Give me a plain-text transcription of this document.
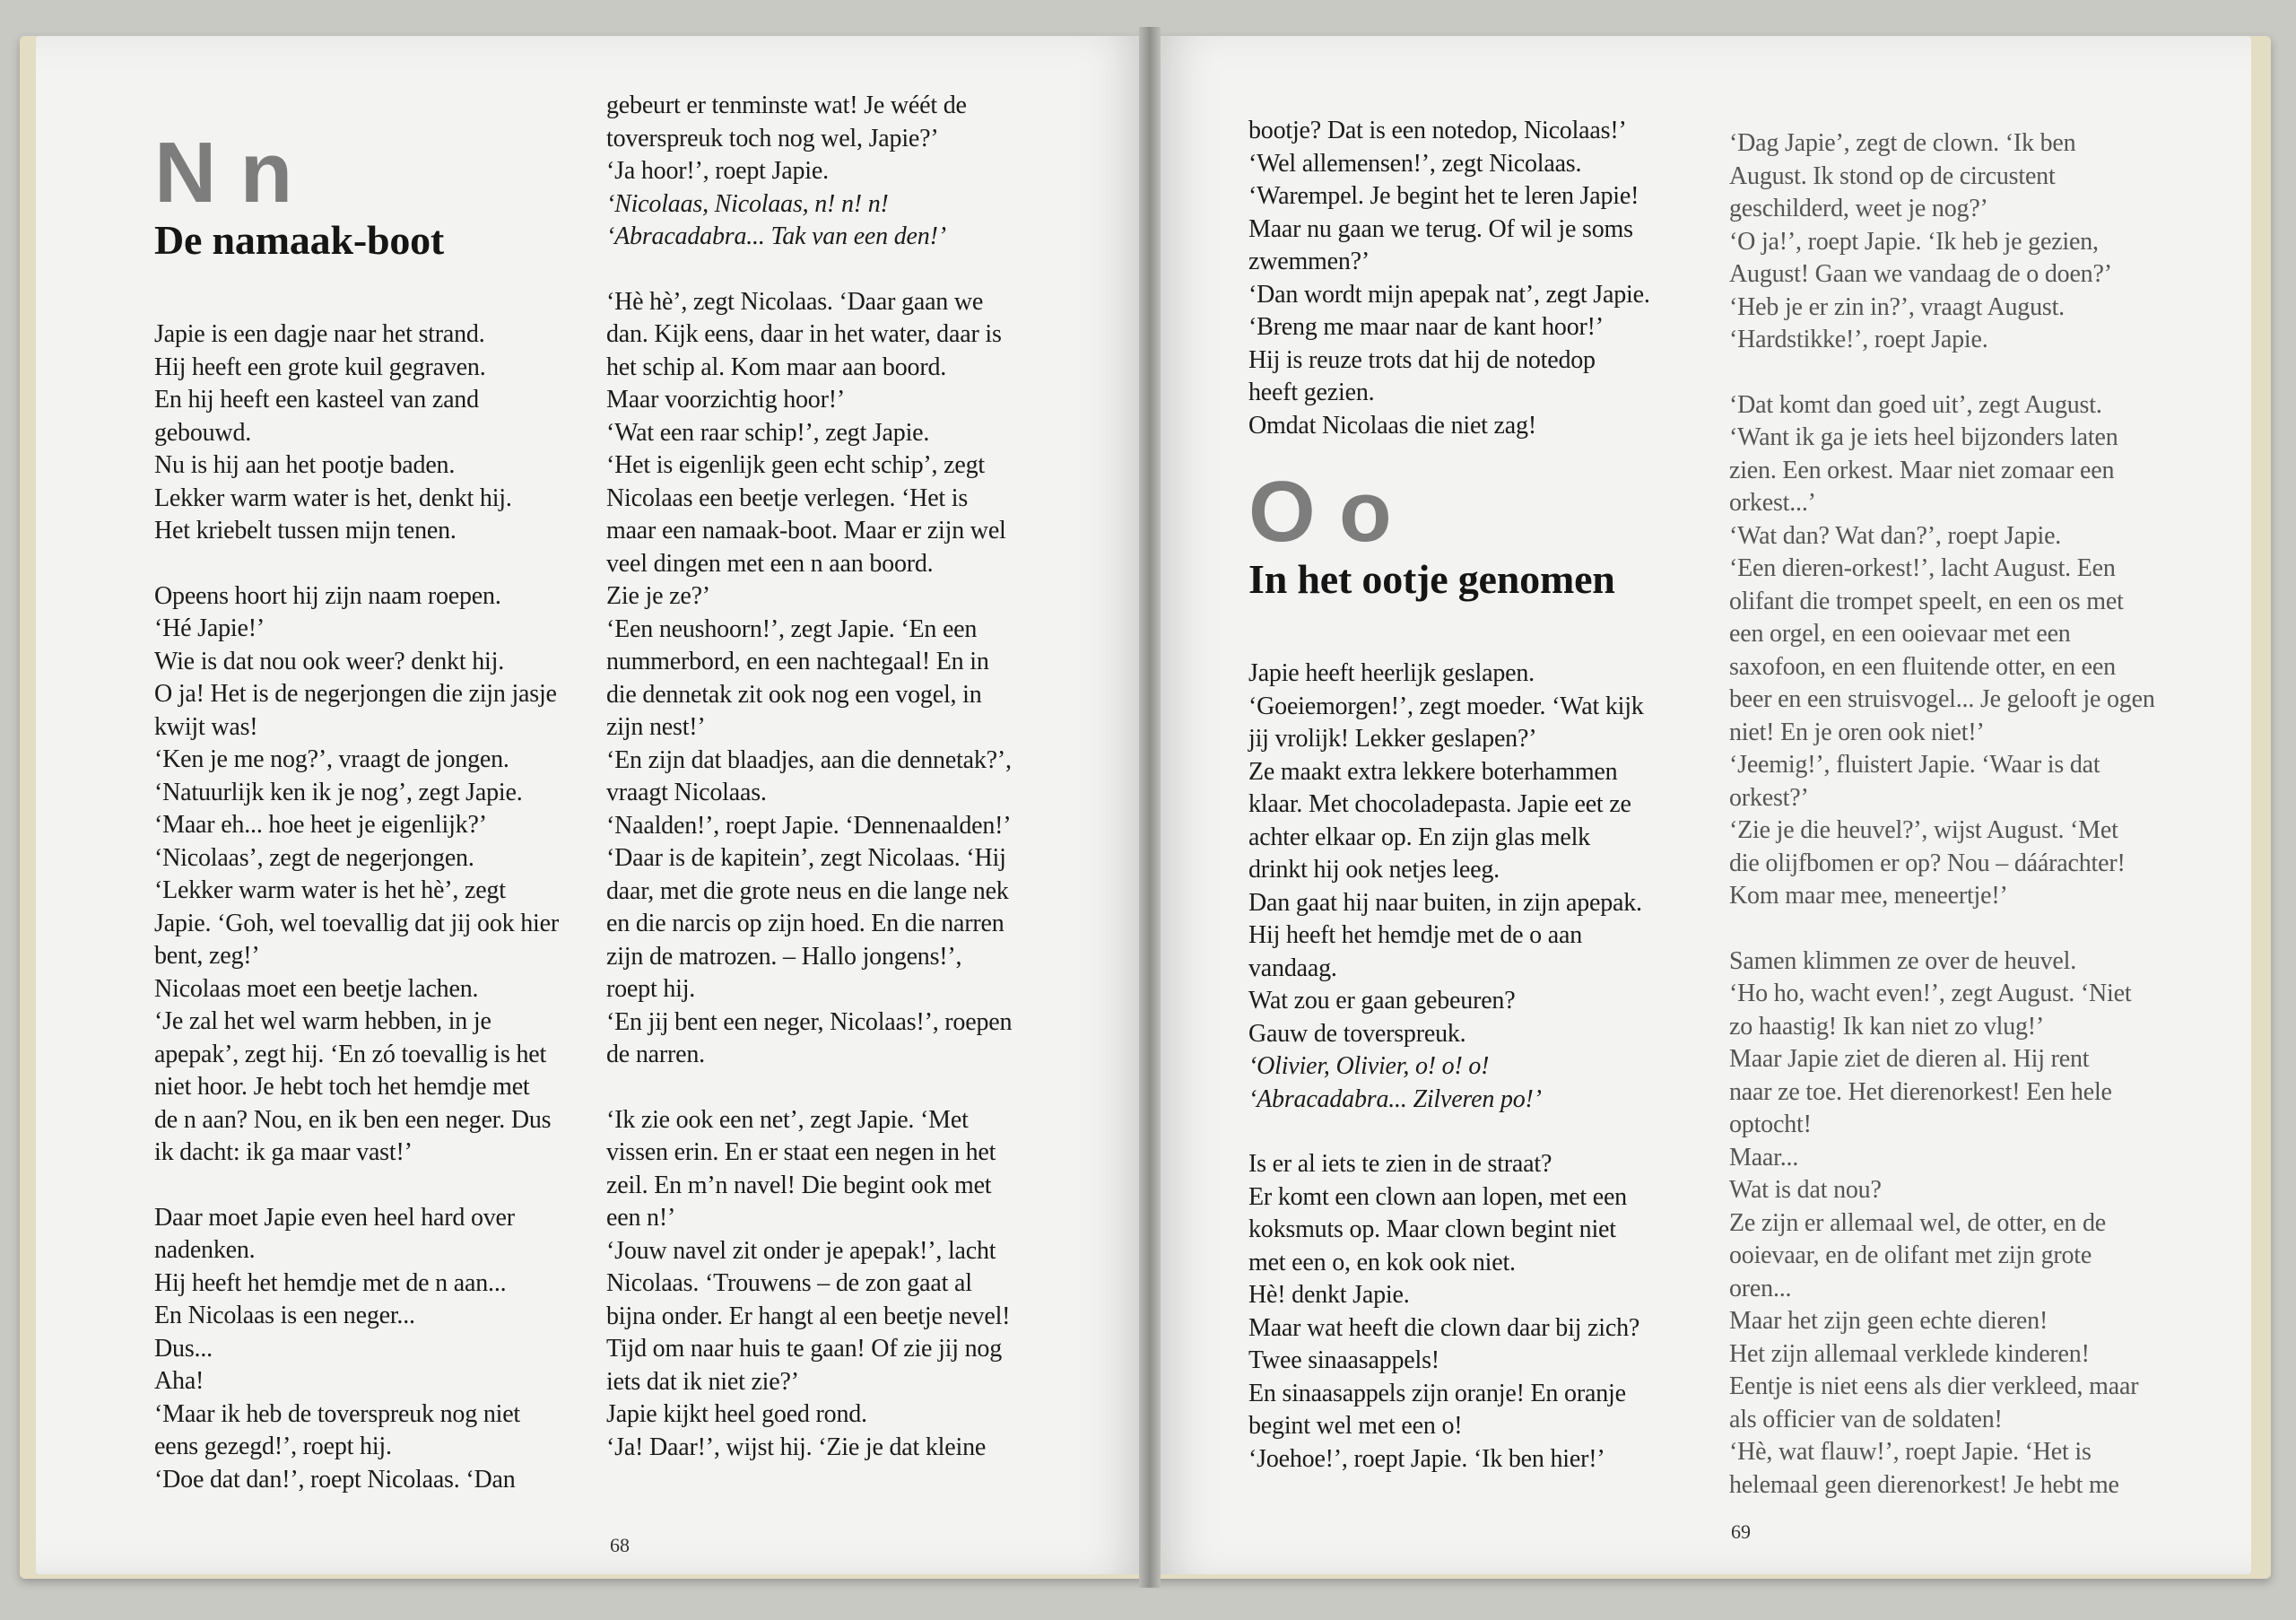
N n

De namaak-boot

Japie is een dagje naar het strand.

Hij heeft een grote kuil gegraven.

En hij heeft een kasteel van zand

gebouwd.

Nu is hij aan het pootje baden.

Lekker warm water is het, denkt hij.

Het kriebelt tussen mijn tenen.

Opeens hoort hij zijn naam roepen.

‘Hé Japie!’

Wie is dat nou ook weer? denkt hij.

O ja! Het is de negerjongen die zijn jasje

kwijt was!

‘Ken je me nog?’, vraagt de jongen.

‘Natuurlijk ken ik je nog’, zegt Japie.

‘Maar eh... hoe heet je eigenlijk?’

‘Nicolaas’, zegt de negerjongen.

‘Lekker warm water is het hè’, zegt

Japie. ‘Goh, wel toevallig dat jij ook hier

bent, zeg!’

Nicolaas moet een beetje lachen.

‘Je zal het wel warm hebben, in je

apepak’, zegt hij. ‘En zó toevallig is het

niet hoor. Je hebt toch het hemdje met

de n aan? Nou, en ik ben een neger. Dus

ik dacht: ik ga maar vast!’

Daar moet Japie even heel hard over

nadenken.

Hij heeft het hemdje met de n aan...

En Nicolaas is een neger...

Dus...

Aha!

‘Maar ik heb de toverspreuk nog niet

eens gezegd!’, roept hij.

‘Doe dat dan!’, roept Nicolaas. ‘Dan

gebeurt er tenminste wat! Je wéét de

toverspreuk toch nog wel, Japie?’

‘Ja hoor!’, roept Japie.

‘Nicolaas, Nicolaas, n! n! n!

‘Abracadabra... Tak van een den!’

‘Hè hè’, zegt Nicolaas. ‘Daar gaan we

dan. Kijk eens, daar in het water, daar is

het schip al. Kom maar aan boord.

Maar voorzichtig hoor!’

‘Wat een raar schip!’, zegt Japie.

‘Het is eigenlijk geen echt schip’, zegt

Nicolaas een beetje verlegen. ‘Het is

maar een namaak-boot. Maar er zijn wel

veel dingen met een n aan boord.

Zie je ze?’

‘Een neushoorn!’, zegt Japie. ‘En een

nummerbord, en een nachtegaal! En in

die dennetak zit ook nog een vogel, in

zijn nest!’

‘En zijn dat blaadjes, aan die dennetak?’,

vraagt Nicolaas.

‘Naalden!’, roept Japie. ‘Dennenaalden!’

‘Daar is de kapitein’, zegt Nicolaas. ‘Hij

daar, met die grote neus en die lange nek

en die narcis op zijn hoed. En die narren

zijn de matrozen. – Hallo jongens!’,

roept hij.

‘En jij bent een neger, Nicolaas!’, roepen

de narren.

‘Ik zie ook een net’, zegt Japie. ‘Met

vissen erin. En er staat een negen in het

zeil. En m’n navel! Die begint ook met

een n!’

‘Jouw navel zit onder je apepak!’, lacht

Nicolaas. ‘Trouwens – de zon gaat al

bijna onder. Er hangt al een beetje nevel!

Tijd om naar huis te gaan! Of zie jij nog

iets dat ik niet zie?’

Japie kijkt heel goed rond.

‘Ja! Daar!’, wijst hij. ‘Zie je dat kleine

68

bootje? Dat is een notedop, Nicolaas!’

‘Wel allemensen!’, zegt Nicolaas.

‘Warempel. Je begint het te leren Japie!

Maar nu gaan we terug. Of wil je soms

zwemmen?’

‘Dan wordt mijn apepak nat’, zegt Japie.

‘Breng me maar naar de kant hoor!’

Hij is reuze trots dat hij de notedop

heeft gezien.

Omdat Nicolaas die niet zag!

O o

In het ootje genomen

Japie heeft heerlijk geslapen.

‘Goeiemorgen!’, zegt moeder. ‘Wat kijk

jij vrolijk! Lekker geslapen?’

Ze maakt extra lekkere boterhammen

klaar. Met chocoladepasta. Japie eet ze

achter elkaar op. En zijn glas melk

drinkt hij ook netjes leeg.

Dan gaat hij naar buiten, in zijn apepak.

Hij heeft het hemdje met de o aan

vandaag.

Wat zou er gaan gebeuren?

Gauw de toverspreuk.

‘Olivier, Olivier, o! o! o!

‘Abracadabra... Zilveren po!’

Is er al iets te zien in de straat?

Er komt een clown aan lopen, met een

koksmuts op. Maar clown begint niet

met een o, en kok ook niet.

Hè! denkt Japie.

Maar wat heeft die clown daar bij zich?

Twee sinaasappels!

En sinaasappels zijn oranje! En oranje

begint wel met een o!

‘Joehoe!’, roept Japie. ‘Ik ben hier!’

‘Dag Japie’, zegt de clown. ‘Ik ben

August. Ik stond op de circustent

geschilderd, weet je nog?’

‘O ja!’, roept Japie. ‘Ik heb je gezien,

August! Gaan we vandaag de o doen?’

‘Heb je er zin in?’, vraagt August.

‘Hardstikke!’, roept Japie.

‘Dat komt dan goed uit’, zegt August.

‘Want ik ga je iets heel bijzonders laten

zien. Een orkest. Maar niet zomaar een

orkest...’

‘Wat dan? Wat dan?’, roept Japie.

‘Een dieren-orkest!’, lacht August. Een

olifant die trompet speelt, en een os met

een orgel, en een ooievaar met een

saxofoon, en een fluitende otter, en een

beer en een struisvogel... Je gelooft je ogen

niet! En je oren ook niet!’

‘Jeemig!’, fluistert Japie. ‘Waar is dat

orkest?’

‘Zie je die heuvel?’, wijst August. ‘Met

die olijfbomen er op? Nou – dáárachter!

Kom maar mee, meneertje!’

Samen klimmen ze over de heuvel.

‘Ho ho, wacht even!’, zegt August. ‘Niet

zo haastig! Ik kan niet zo vlug!’

Maar Japie ziet de dieren al. Hij rent

naar ze toe. Het dierenorkest! Een hele

optocht!

Maar...

Wat is dat nou?

Ze zijn er allemaal wel, de otter, en de

ooievaar, en de olifant met zijn grote

oren...

Maar het zijn geen echte dieren!

Het zijn allemaal verklede kinderen!

Eentje is niet eens als dier verkleed, maar

als officier van de soldaten!

‘Hè, wat flauw!’, roept Japie. ‘Het is

helemaal geen dierenorkest! Je hebt me

69
